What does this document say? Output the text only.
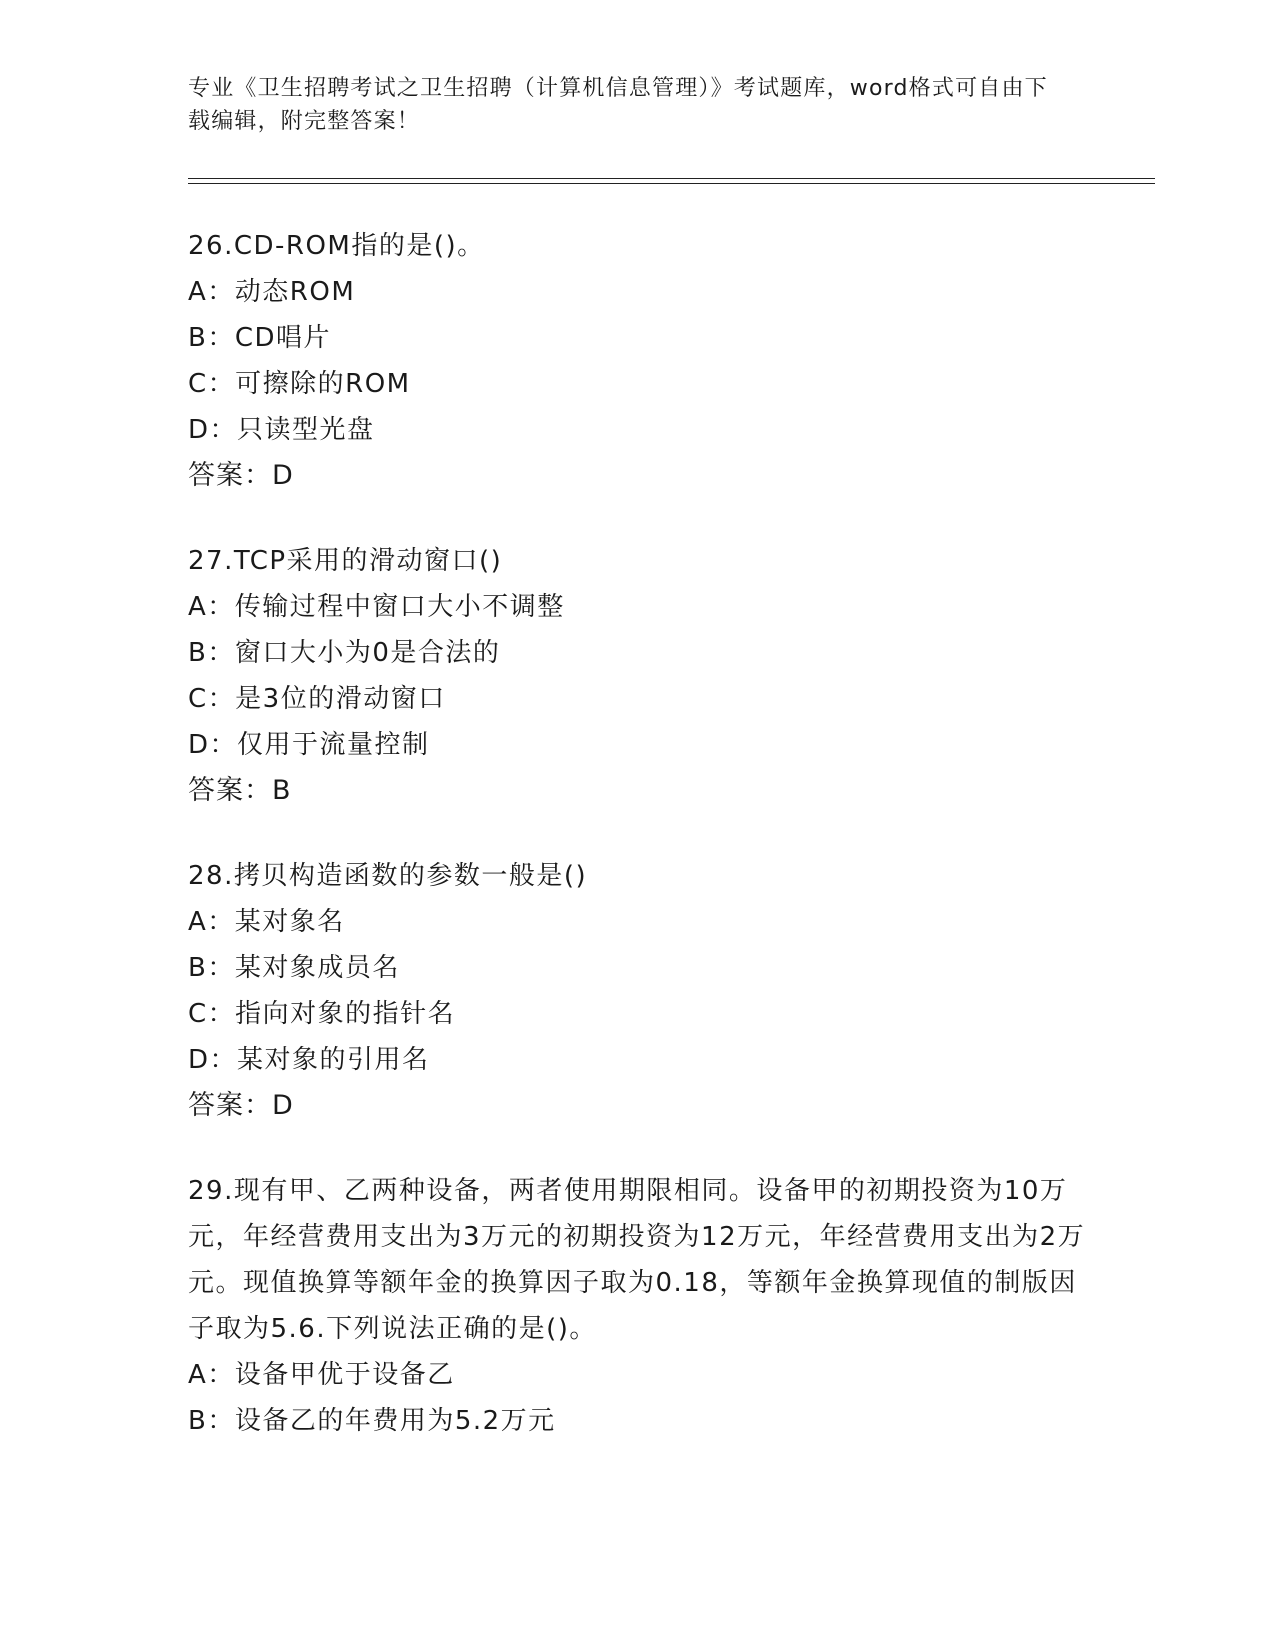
专业《卫生招聘考试之卫生招聘（计算机信息管理）》考试题库，word格式可自由下载编辑，附完整答案！
26.CD-ROM指的是()。
A：动态ROM
B：CD唱片
C：可擦除的ROM
D：只读型光盘
答案：D
27.TCP采用的滑动窗口()
A：传输过程中窗口大小不调整
B：窗口大小为0是合法的
C：是3位的滑动窗口
D：仅用于流量控制
答案：B
28.拷贝构造函数的参数一般是()
A：某对象名
B：某对象成员名
C：指向对象的指针名
D：某对象的引用名
答案：D
29.现有甲、乙两种设备，两者使用期限相同。设备甲的初期投资为10万元，年经营费用支出为3万元的初期投资为12万元，年经营费用支出为2万元。现值换算等额年金的换算因子取为0.18，等额年金换算现值的制版因子取为5.6.下列说法正确的是()。
A：设备甲优于设备乙
B：设备乙的年费用为5.2万元
